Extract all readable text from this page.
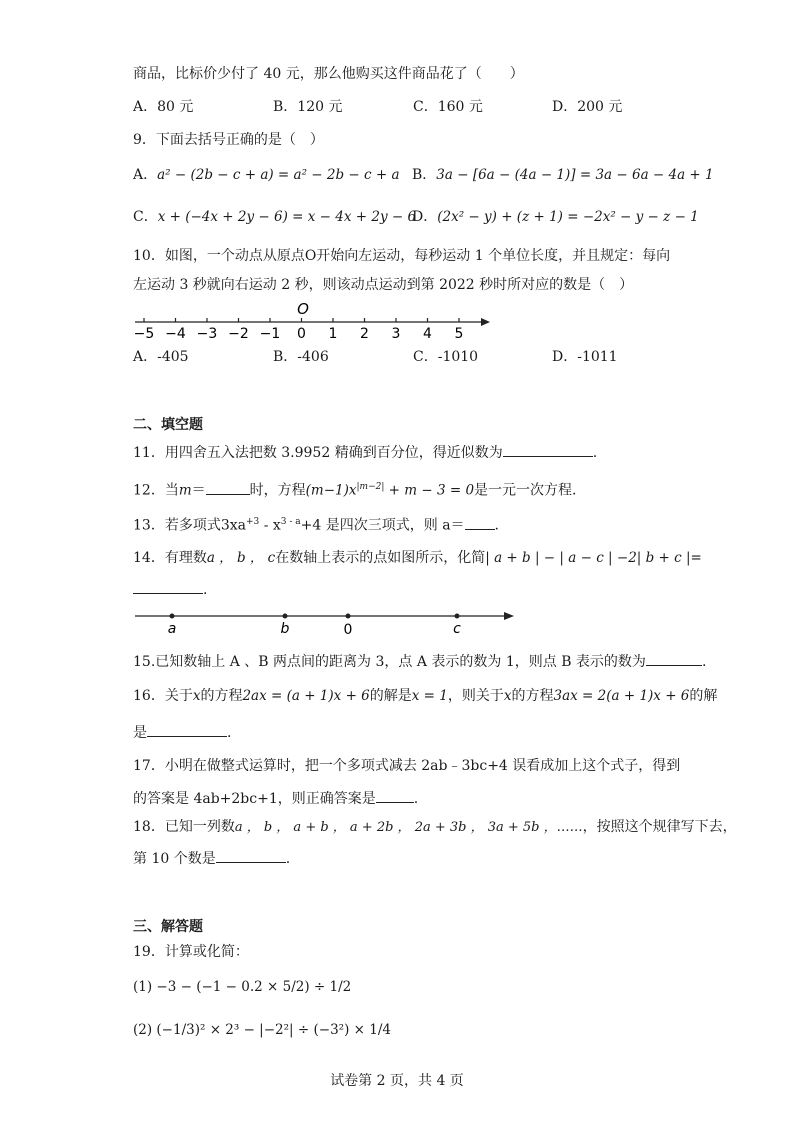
商品，比标价少付了 40 元，那么他购买这件商品花了（　　）
A．80 元	B．120 元	C．160 元	D．200 元
9．下面去括号正确的是（　）
A．a² − (2b − c + a) = a² − 2b − c + a B．3a − [6a − (4a − 1)] = 3a − 6a − 4a + 1
C．x + (−4x + 2y − 6) = x − 4x + 2y − 6
D．(2x² − y) + (z + 1) = −2x² − y − z − 1
10．如图，一个动点从原点O开始向左运动，每秒运动 1 个单位长度，并且规定：每向
左运动 3 秒就向右运动 2 秒，则该动点运动到第 2022 秒时所对应的数是（　）
−5 −4 −3 −2 −1 0 1 2 3 4 5
O
A．-405	B．-406	C．-1010	D．-1011
二、填空题
11．用四舍五入法把数 3.9952 精确到百分位，得近似数为	.
12．当m＝	时，方程$(m-1)x^{|m-2|} + m - 3 = 0$是一元一次方程.
13．若多项式$3xa^{+3} - x^{3 - a}+4$ 是四次三项式，则 a＝ .
14．有理数a ， b ， c在数轴上表示的点如图所示，化简| a + b | − | a − c | −2| b + c |=
.
a	b	0	c
15.已知数轴上 A 、B 两点间的距离为 3，点 A 表示的数为 1，则点 B 表示的数为	.
16．关于x的方程2ax = (a + 1)x + 6的解是x = 1，则关于x的方程3ax = 2(a + 1)x + 6的解
是	.
17．小明在做整式运算时，把一个多项式减去 2ab﹣3bc+4 误看成加上这个式子，得到
的答案是 4ab+2bc+1，则正确答案是	.
18．已知一列数a ， b ， a + b ， a + 2b ， 2a + 3b ， 3a + 5b ，……，按照这个规律写下去，
第 10 个数是	.
三、解答题
19．计算或化简：
(1) −3 − (−1 − 0.2 × 5/2) ÷ 1/2
(2) (−1/3)² × 2³ − |−2²| ÷ (−3²) × 1/4
试卷第 2 页，共 4 页
